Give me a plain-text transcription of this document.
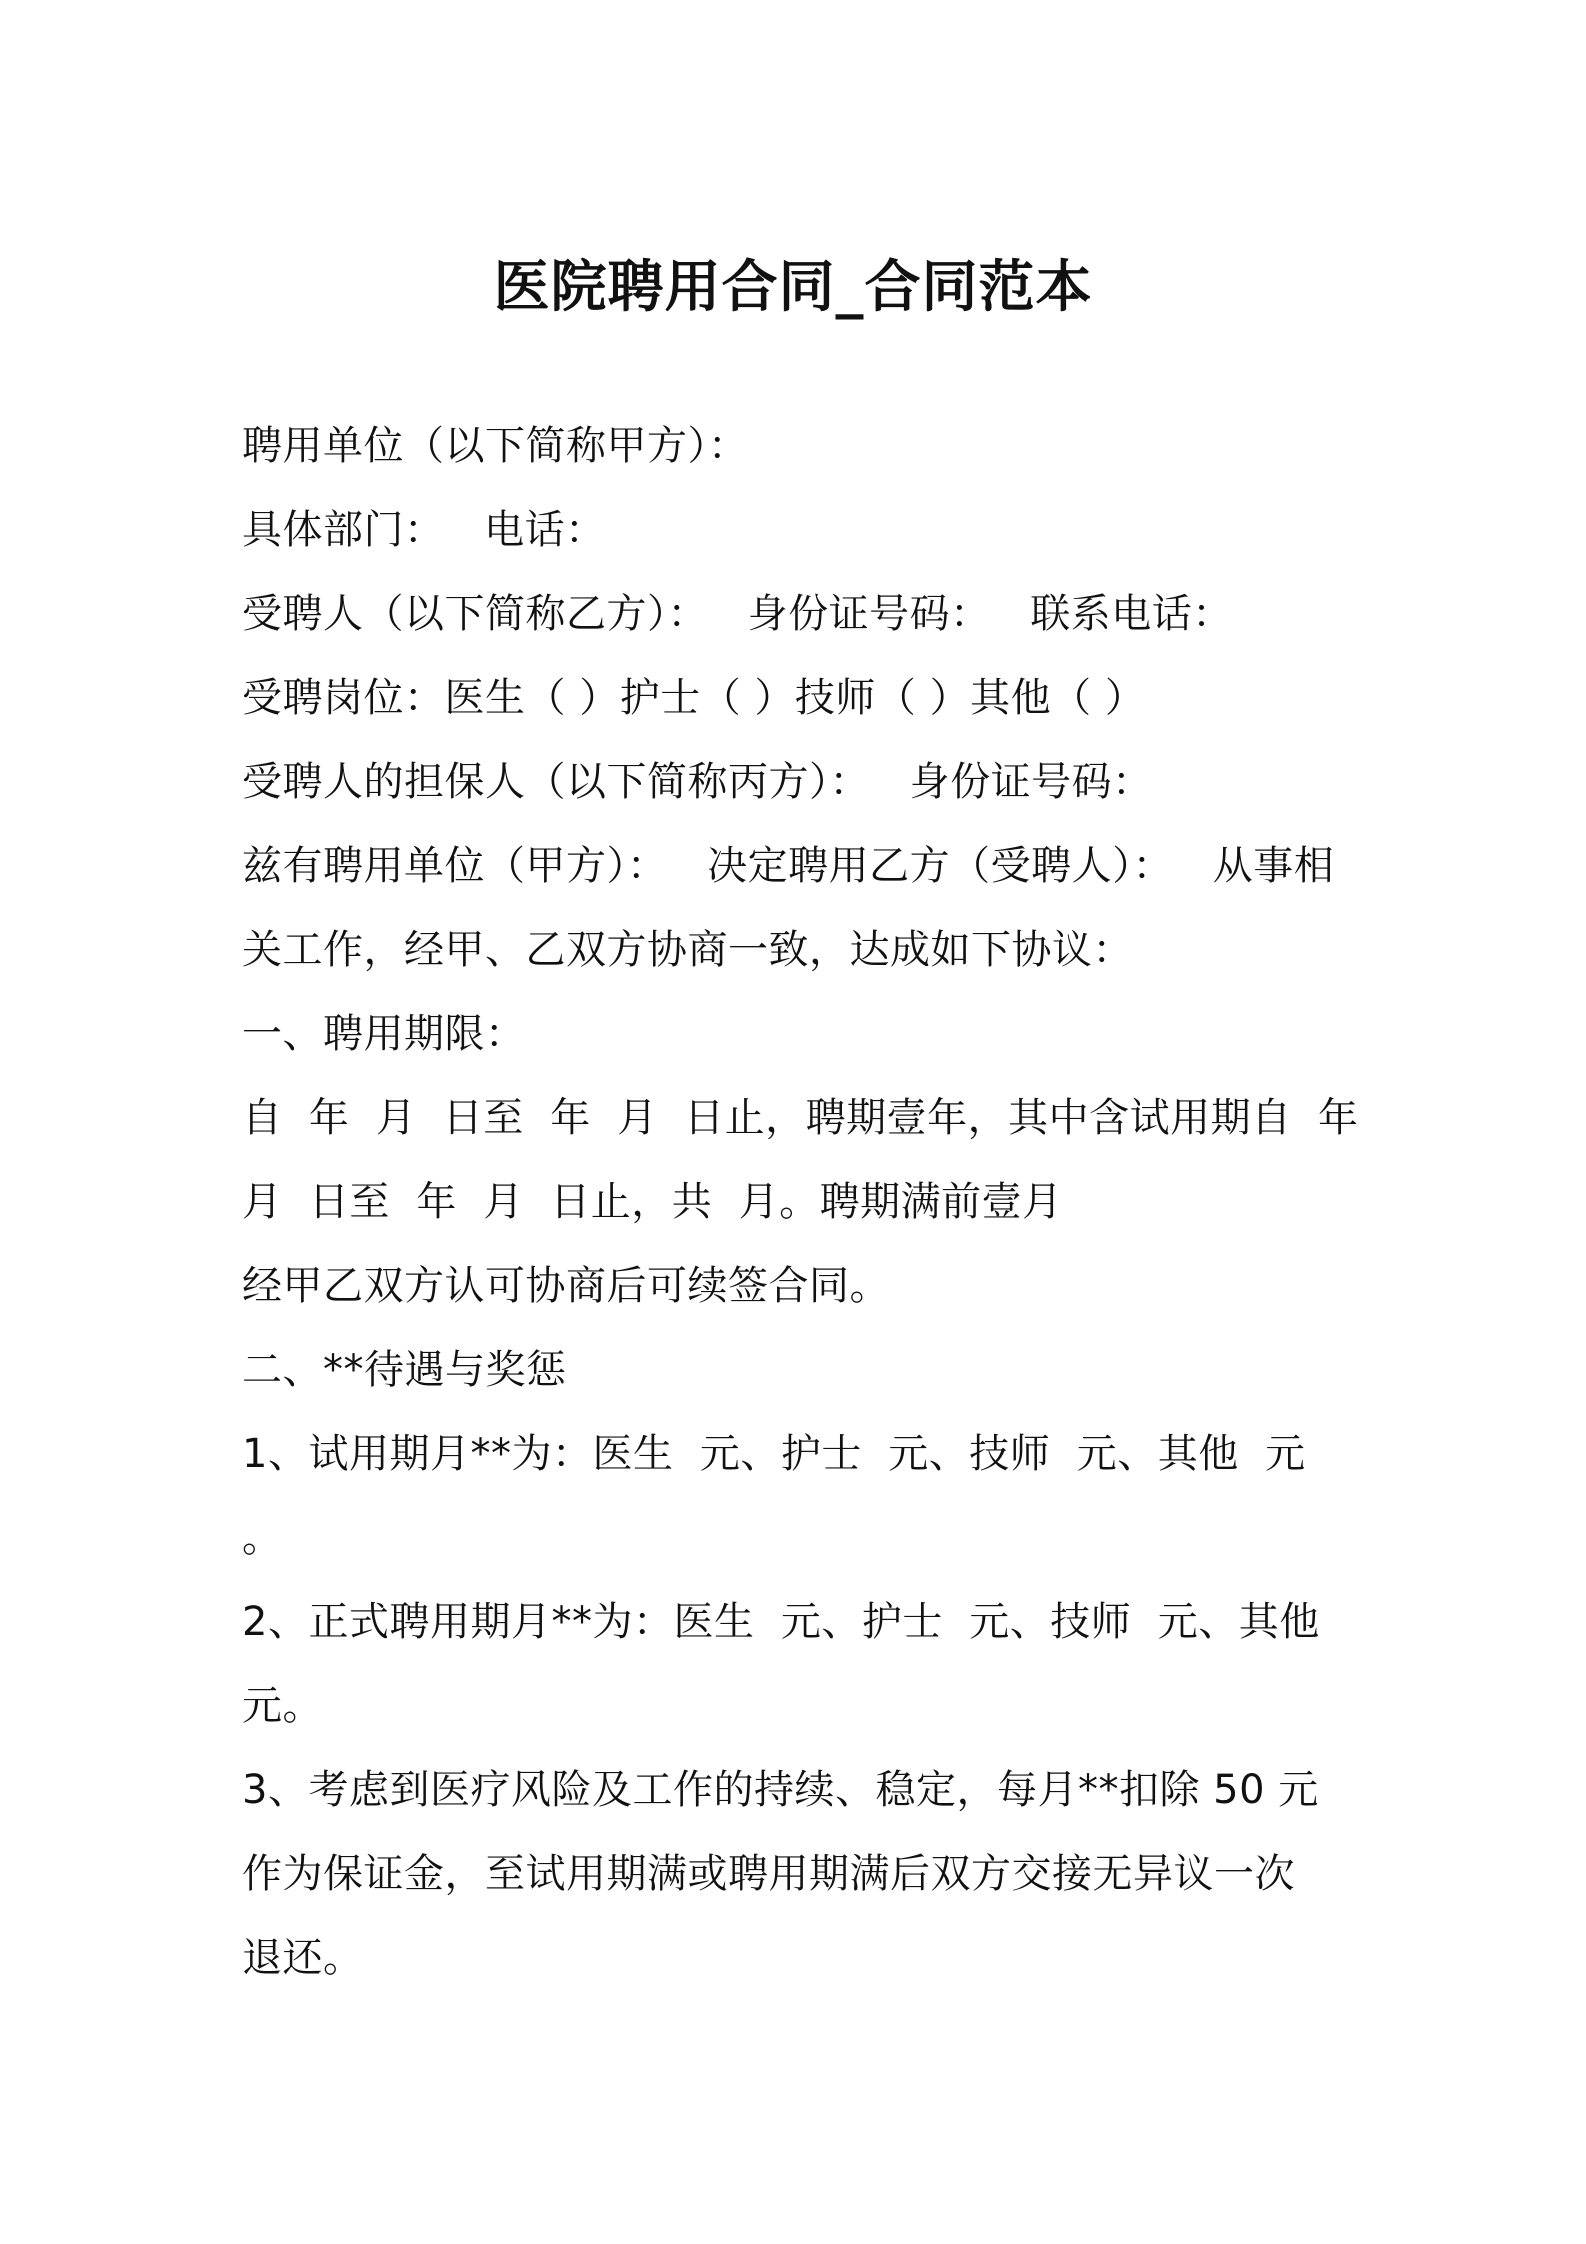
医院聘用合同_合同范本
聘用单位（以下简称甲方）：
具体部门：   电话：
受聘人（以下简称乙方）：   身份证号码：   联系电话：
受聘岗位：医生（ ）护士（ ）技师（ ）其他（ ）
受聘人的担保人（以下简称丙方）：   身份证号码：
兹有聘用单位（甲方）：   决定聘用乙方（受聘人）：   从事相
关工作，经甲、乙双方协商一致，达成如下协议：
一、聘用期限：
自  年  月  日至  年  月  日止，聘期壹年，其中含试用期自  年
月  日至  年  月  日止，共  月。聘期满前壹月
经甲乙双方认可协商后可续签合同。
二、**待遇与奖惩
1、试用期月**为：医生  元、护士  元、技师  元、其他  元
。
2、正式聘用期月**为：医生  元、护士  元、技师  元、其他
元。
3、考虑到医疗风险及工作的持续、稳定，每月**扣除 50 元
作为保证金，至试用期满或聘用期满后双方交接无异议一次
退还。
